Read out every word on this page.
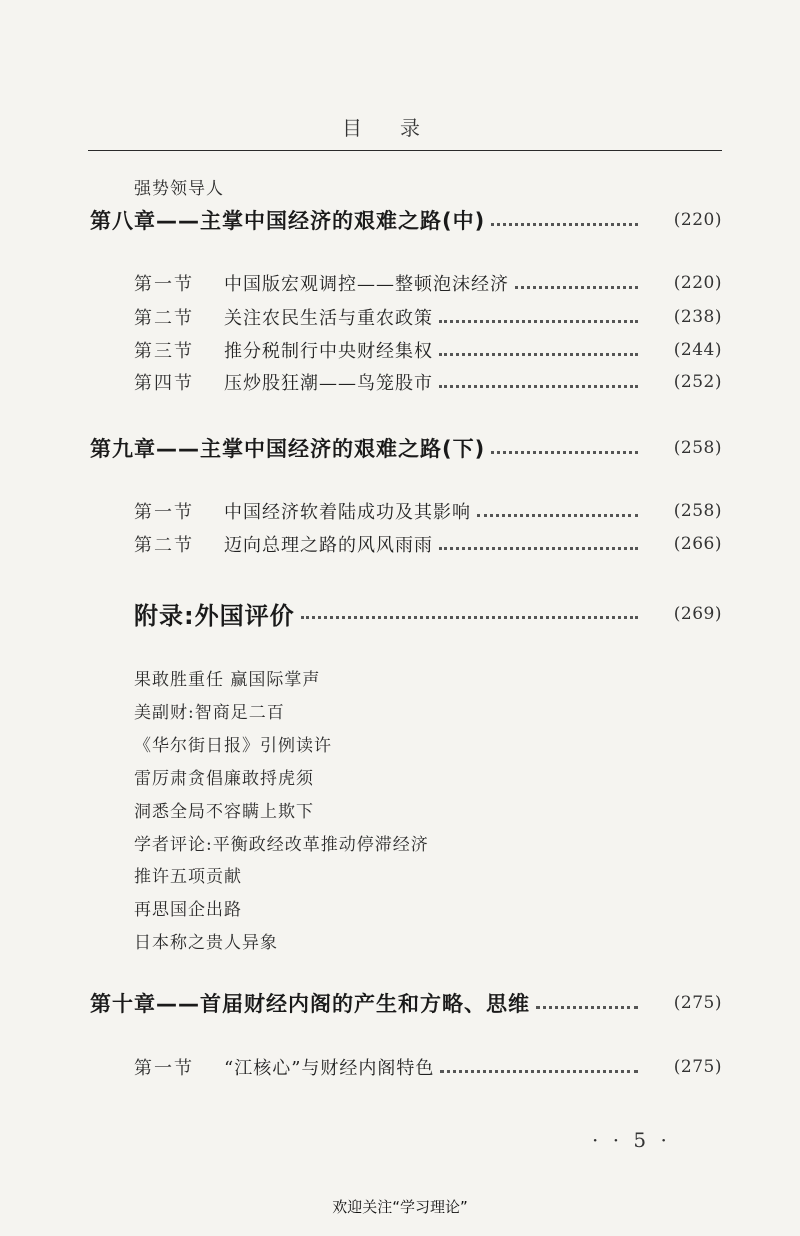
目录
强势领导人
第八章——主掌中国经济的艰难之路(中)	(220)
第一节	中国版宏观调控——整顿泡沫经济	(220)
第二节	关注农民生活与重农政策	(238)
第三节	推分税制行中央财经集权	(244)
第四节	压炒股狂潮——鸟笼股市	(252)
第九章——主掌中国经济的艰难之路(下)	(258)
第一节	中国经济软着陆成功及其影响	(258)
第二节	迈向总理之路的风风雨雨	(266)
附录:外国评价	(269)
果敢胜重任 赢国际掌声
美副财:智商足二百
《华尔街日报》引例读许
雷厉肃贪倡廉敢捋虎须
洞悉全局不容瞒上欺下
学者评论:平衡政经改革推动停滞经济
推许五项贡献
再思国企出路
日本称之贵人异象
第十章——首届财经内阁的产生和方略、思维	(275)
第一节	“江核心”与财经内阁特色	(275)
· · 5 ·
欢迎关注“学习理论”
